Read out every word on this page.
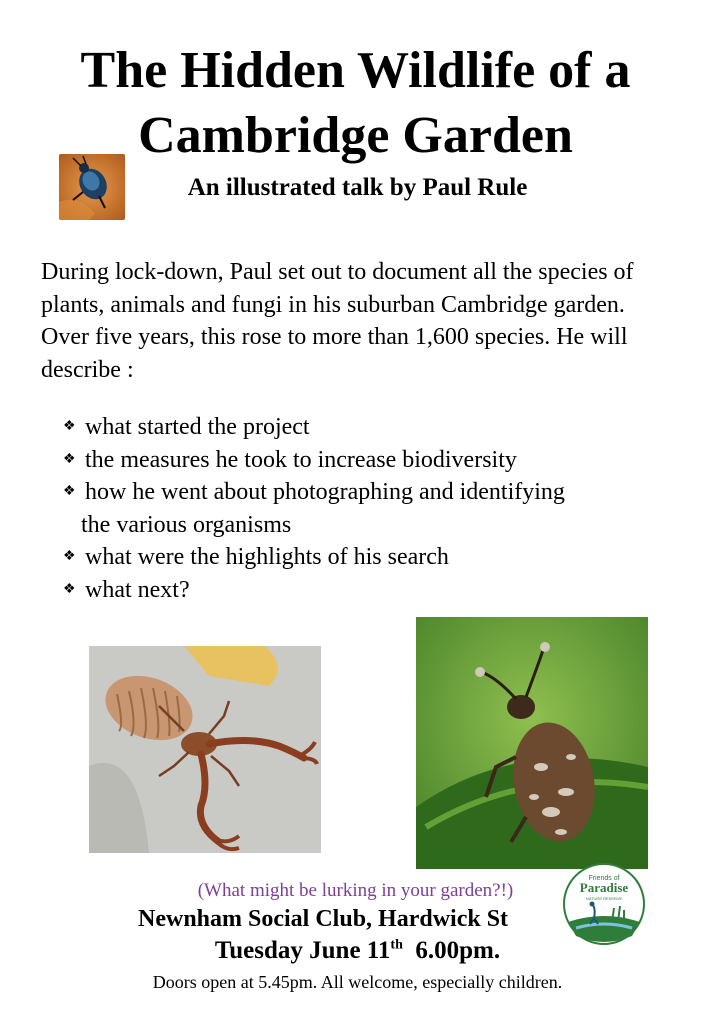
The Hidden Wildlife of a
Cambridge Garden
An illustrated talk by Paul Rule
During lock-down, Paul set out to document all the species of plants, animals and fungi in his suburban Cambridge garden. Over five years, this rose to more than 1,600 species. He will describe :
❖ what started the project
❖ the measures he took to increase biodiversity
❖ how he went about photographing and identifying
the various organisms
❖ what were the highlights of his search
❖ what next?
(What might be lurking in your garden?!)
Newnham Social Club, Hardwick St
Friends of
Paradise
NATURE RESERVE
Tuesday June 11th  6.00pm.
Doors open at 5.45pm. All welcome, especially children.
